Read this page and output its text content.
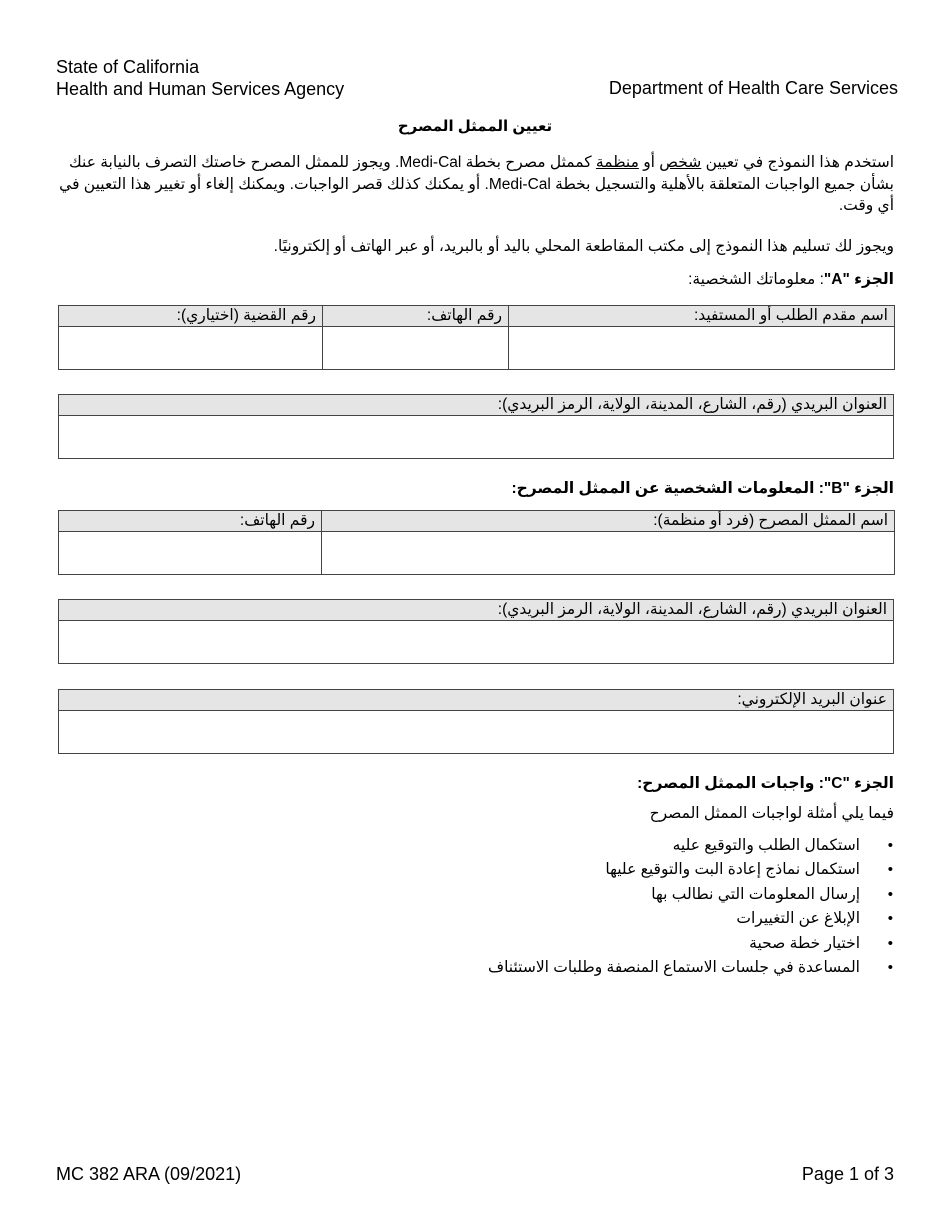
State of California
Health and Human Services Agency	Department of Health Care Services
تعيين الممثل المصرح
استخدم هذا النموذج في تعيين شخص أو منظمة كممثل مصرح بخطة Medi-Cal. ويجوز للممثل المصرح خاصتك التصرف بالنيابة عنك بشأن جميع الواجبات المتعلقة بالأهلية والتسجيل بخطة Medi-Cal. أو يمكنك كذلك قصر الواجبات. ويمكنك إلغاء أو تغيير هذا التعيين في أي وقت.
ويجوز لك تسليم هذا النموذج إلى مكتب المقاطعة المحلي باليد أو بالبريد، أو عبر الهاتف أو إلكترونيًا.
الجزء "A": معلوماتك الشخصية:
اسم مقدم الطلب أو المستفيد:	رقم الهاتف:	رقم القضية (اختياري):

العنوان البريدي (رقم، الشارع، المدينة، الولاية، الرمز البريدي):

الجزء "B": المعلومات الشخصية عن الممثل المصرح:
اسم الممثل المصرح (فرد أو منظمة):	رقم الهاتف:

العنوان البريدي (رقم، الشارع، المدينة، الولاية، الرمز البريدي):

عنوان البريد الإلكتروني:

الجزء "C": واجبات الممثل المصرح:
فيما يلي أمثلة لواجبات الممثل المصرح
• استكمال الطلب والتوقيع عليه
• استكمال نماذج إعادة البت والتوقيع عليها
• إرسال المعلومات التي نطالب بها
• الإبلاغ عن التغييرات
• اختيار خطة صحية
• المساعدة في جلسات الاستماع المنصفة وطلبات الاستئناف
MC 382 ARA (09/2021)	Page 1 of 3
